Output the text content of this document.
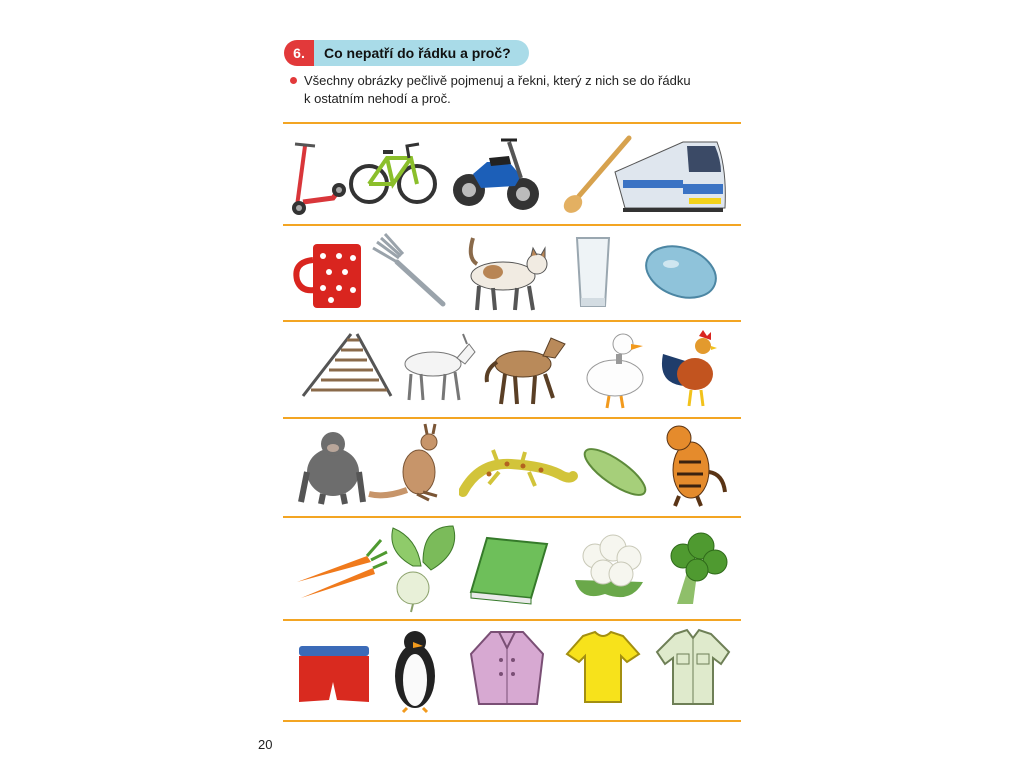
6.	Co nepatří do řádku a proč?
Všechny obrázky pečlivě pojmenuj a řekni, který z nich se do řádku
k ostatním nehodí a proč.
20
